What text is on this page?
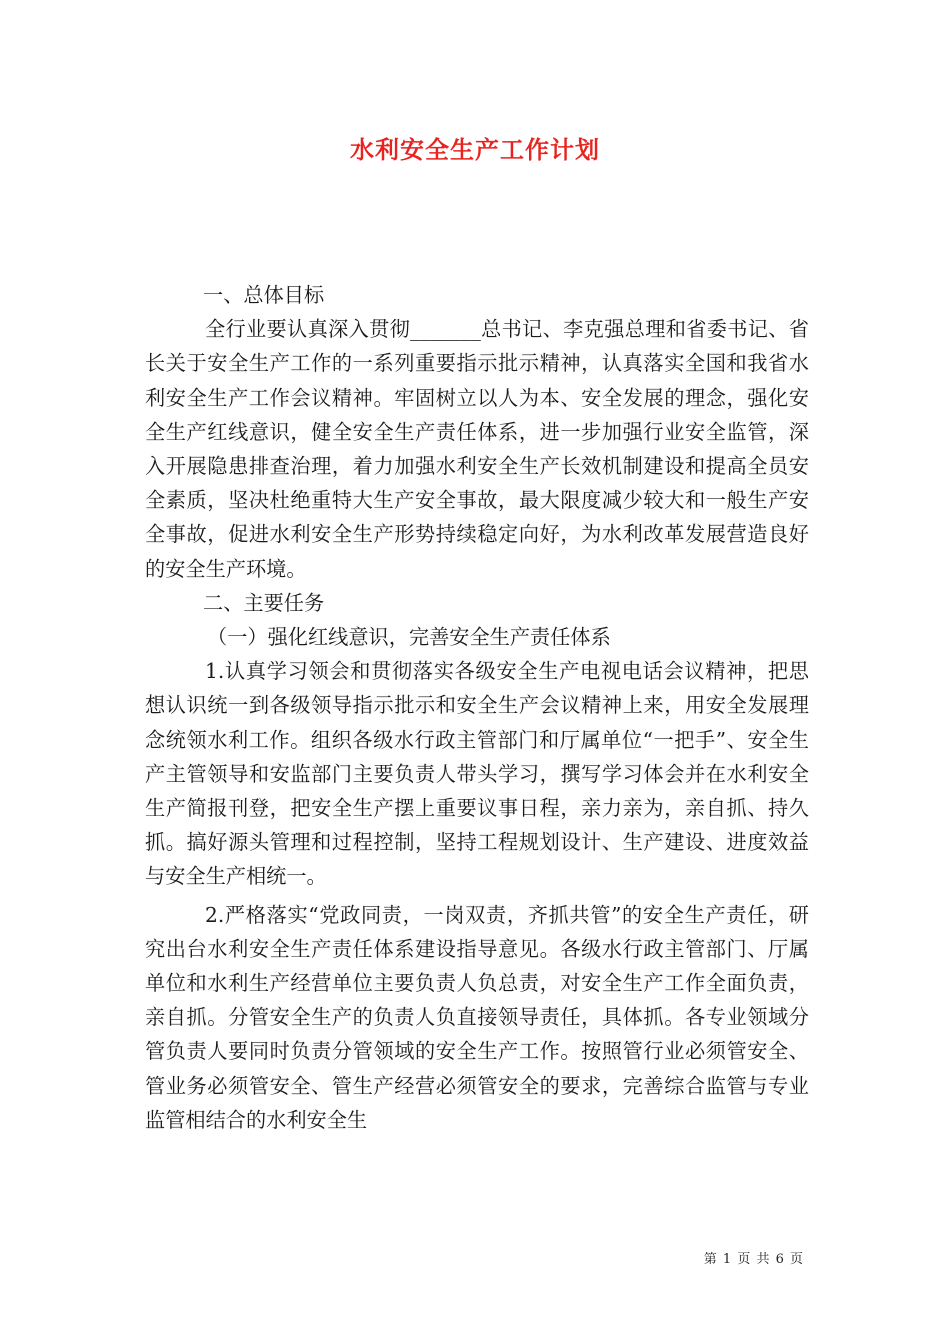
水利安全生产工作计划

一、总体目标

全行业要认真深入贯彻_______总书记、李克强总理和省委书记、省长关于安全生产工作的一系列重要指示批示精神，认真落实全国和我省水利安全生产工作会议精神。牢固树立以人为本、安全发展的理念，强化安全生产红线意识，健全安全生产责任体系，进一步加强行业安全监管，深入开展隐患排查治理，着力加强水利安全生产长效机制建设和提高全员安全素质，坚决杜绝重特大生产安全事故，最大限度减少较大和一般生产安全事故，促进水利安全生产形势持续稳定向好，为水利改革发展营造良好的安全生产环境。

二、主要任务

（一）强化红线意识，完善安全生产责任体系

1.认真学习领会和贯彻落实各级安全生产电视电话会议精神，把思想认识统一到各级领导指示批示和安全生产会议精神上来，用安全发展理念统领水利工作。组织各级水行政主管部门和厅属单位“一把手”、安全生产主管领导和安监部门主要负责人带头学习，撰写学习体会并在水利安全生产简报刊登，把安全生产摆上重要议事日程，亲力亲为，亲自抓、持久抓。搞好源头管理和过程控制，坚持工程规划设计、生产建设、进度效益与安全生产相统一。

2.严格落实“党政同责，一岗双责，齐抓共管”的安全生产责任，研究出台水利安全生产责任体系建设指导意见。各级水行政主管部门、厅属单位和水利生产经营单位主要负责人负总责，对安全生产工作全面负责，亲自抓。分管安全生产的负责人负直接领导责任，具体抓。各专业领域分管负责人要同时负责分管领域的安全生产工作。按照管行业必须管安全、管业务必须管安全、管生产经营必须管安全的要求，完善综合监管与专业监管相结合的水利安全生

第 1 页 共 6 页
